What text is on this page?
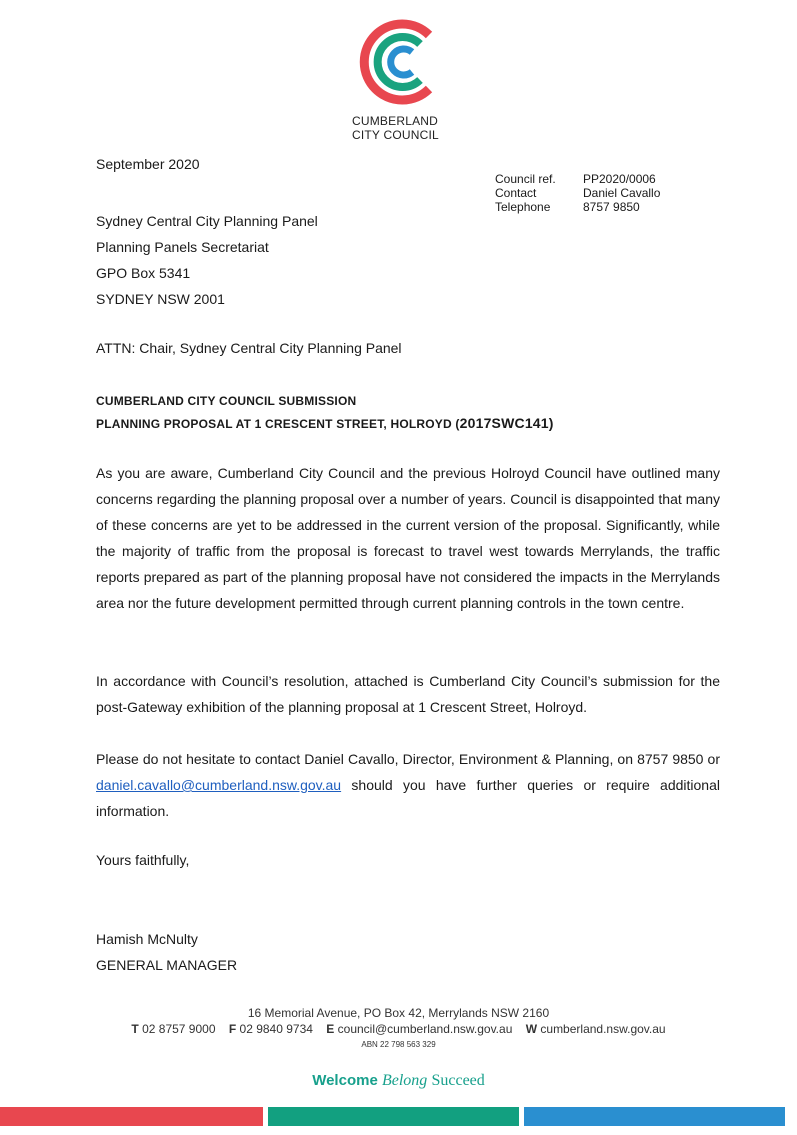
CUMBERLAND
CITY COUNCIL
September 2020
Council ref.	PP2020/0006
Contact	Daniel Cavallo
Telephone	8757 9850
Sydney Central City Planning Panel
Planning Panels Secretariat
GPO Box 5341
SYDNEY NSW 2001
ATTN: Chair, Sydney Central City Planning Panel
CUMBERLAND CITY COUNCIL SUBMISSION
PLANNING PROPOSAL AT 1 CRESCENT STREET, HOLROYD (2017SWC141)

As you are aware, Cumberland City Council and the previous Holroyd Council have outlined many concerns regarding the planning proposal over a number of years. Council is disappointed that many of these concerns are yet to be addressed in the current version of the proposal. Significantly, while the majority of traffic from the proposal is forecast to travel west towards Merrylands, the traffic reports prepared as part of the planning proposal have not considered the impacts in the Merrylands area nor the future development permitted through current planning controls in the town centre.

In accordance with Council’s resolution, attached is Cumberland City Council’s submission for the post-Gateway exhibition of the planning proposal at 1 Crescent Street, Holroyd.

Please do not hesitate to contact Daniel Cavallo, Director, Environment & Planning, on 8757 9850 or daniel.cavallo@cumberland.nsw.gov.au should you have further queries or require additional information.

Yours faithfully,
Hamish McNulty
GENERAL MANAGER
16 Memorial Avenue, PO Box 42, Merrylands NSW 2160
T 02 8757 9000 F 02 9840 9734 E council@cumberland.nsw.gov.au W cumberland.nsw.gov.au
ABN 22 798 563 329
Welcome Belong Succeed
